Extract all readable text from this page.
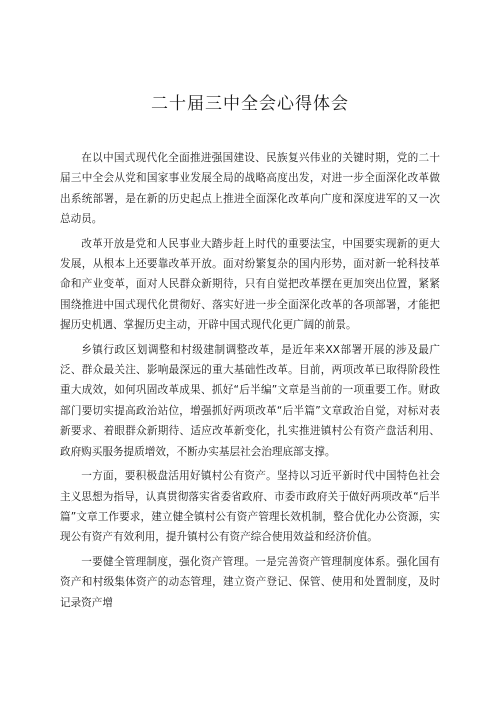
二十届三中全会心得体会

在以中国式现代化全面推进强国建设、民族复兴伟业的关键时期，党的二十届三中全会从党和国家事业发展全局的战略高度出发，对进一步全面深化改革做出系统部署，是在新的历史起点上推进全面深化改革向广度和深度进军的又一次总动员。

改革开放是党和人民事业大踏步赶上时代的重要法宝，中国要实现新的更大发展，从根本上还要靠改革开放。面对纷繁复杂的国内形势，面对新一轮科技革命和产业变革，面对人民群众新期待，只有自觉把改革摆在更加突出位置，紧紧围绕推进中国式现代化贯彻好、落实好进一步全面深化改革的各项部署，才能把握历史机遇、掌握历史主动，开辟中国式现代化更广阔的前景。

乡镇行政区划调整和村级建制调整改革，是近年来XX部署开展的涉及最广泛、群众最关注、影响最深远的重大基础性改革。目前，两项改革已取得阶段性重大成效，如何巩固改革成果、抓好“后半编”文章是当前的一项重要工作。财政部门要切实提高政治站位，增强抓好两项改革“后半篇”文章政治自觉，对标对表新要求、着眼群众新期待、适应改革新变化，扎实推进镇村公有资产盘活利用、政府购买服务提质增效，不断办实基层社会治理底部支撑。

一方面，要积极盘活用好镇村公有资产。坚持以习近平新时代中国特色社会主义思想为指导，认真贯彻落实省委省政府、市委市政府关于做好两项改革“后半篇”文章工作要求，建立健全镇村公有资产管理长效机制，整合优化办公资源，实现公有资产有效利用，提升镇村公有资产综合使用效益和经济价值。

一要健全管理制度，强化资产管理。一是完善资产管理制度体系。强化国有资产和村级集体资产的动态管理，建立资产登记、保管、使用和处置制度，及时记录资产增
